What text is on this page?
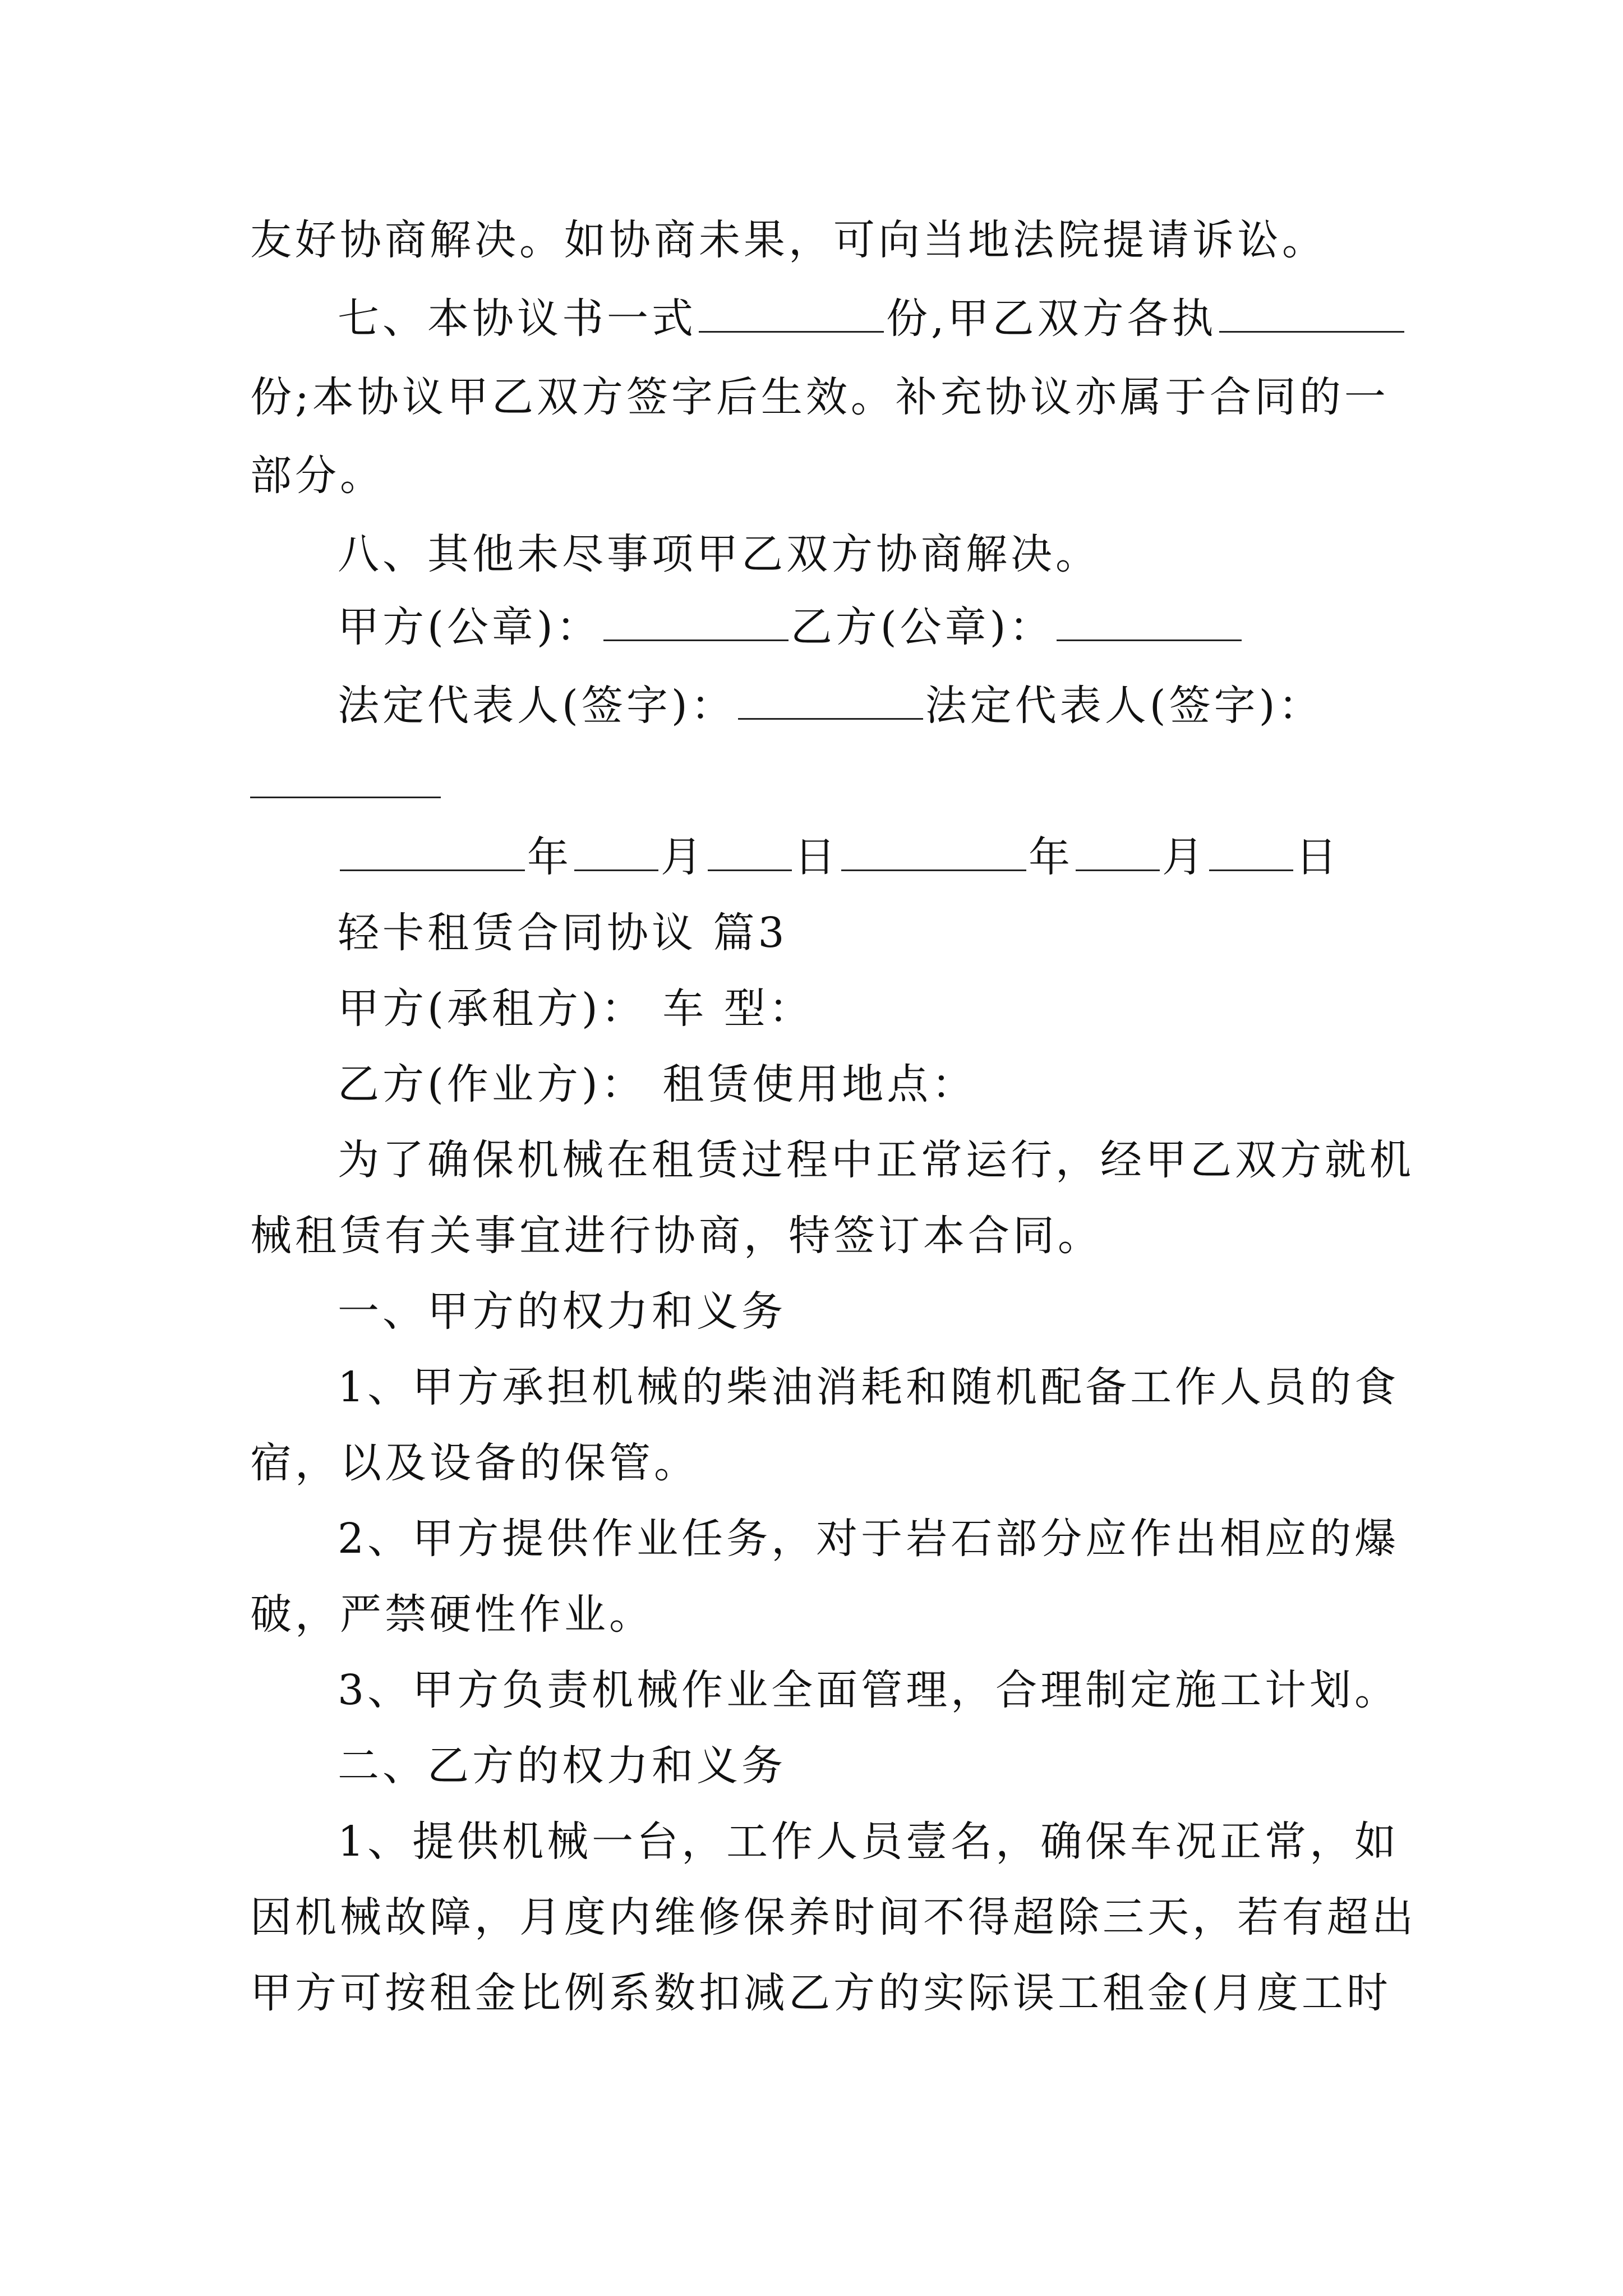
友好协商解决。如协商未果，可向当地法院提请诉讼。
七、本协议书一式	份,甲乙双方各执
份;本协议甲乙双方签字后生效。补充协议亦属于合同的一
部分。
八、其他未尽事项甲乙双方协商解决。
甲方(公章)：	乙方(公章)：
法定代表人(签字)：	法定代表人(签字)：
年 月 日	年 月 日
轻卡租赁合同协议 篇3
甲方(承租方)： 车 型：
乙方(作业方)： 租赁使用地点：
为了确保机械在租赁过程中正常运行，经甲乙双方就机
械租赁有关事宜进行协商，特签订本合同。
一、甲方的权力和义务
1、甲方承担机械的柴油消耗和随机配备工作人员的食
宿，以及设备的保管。
2、甲方提供作业任务，对于岩石部分应作出相应的爆
破，严禁硬性作业。
3、甲方负责机械作业全面管理，合理制定施工计划。
二、乙方的权力和义务
1、提供机械一台，工作人员壹名，确保车况正常，如
因机械故障，月度内维修保养时间不得超除三天，若有超出
甲方可按租金比例系数扣减乙方的实际误工租金(月度工时
